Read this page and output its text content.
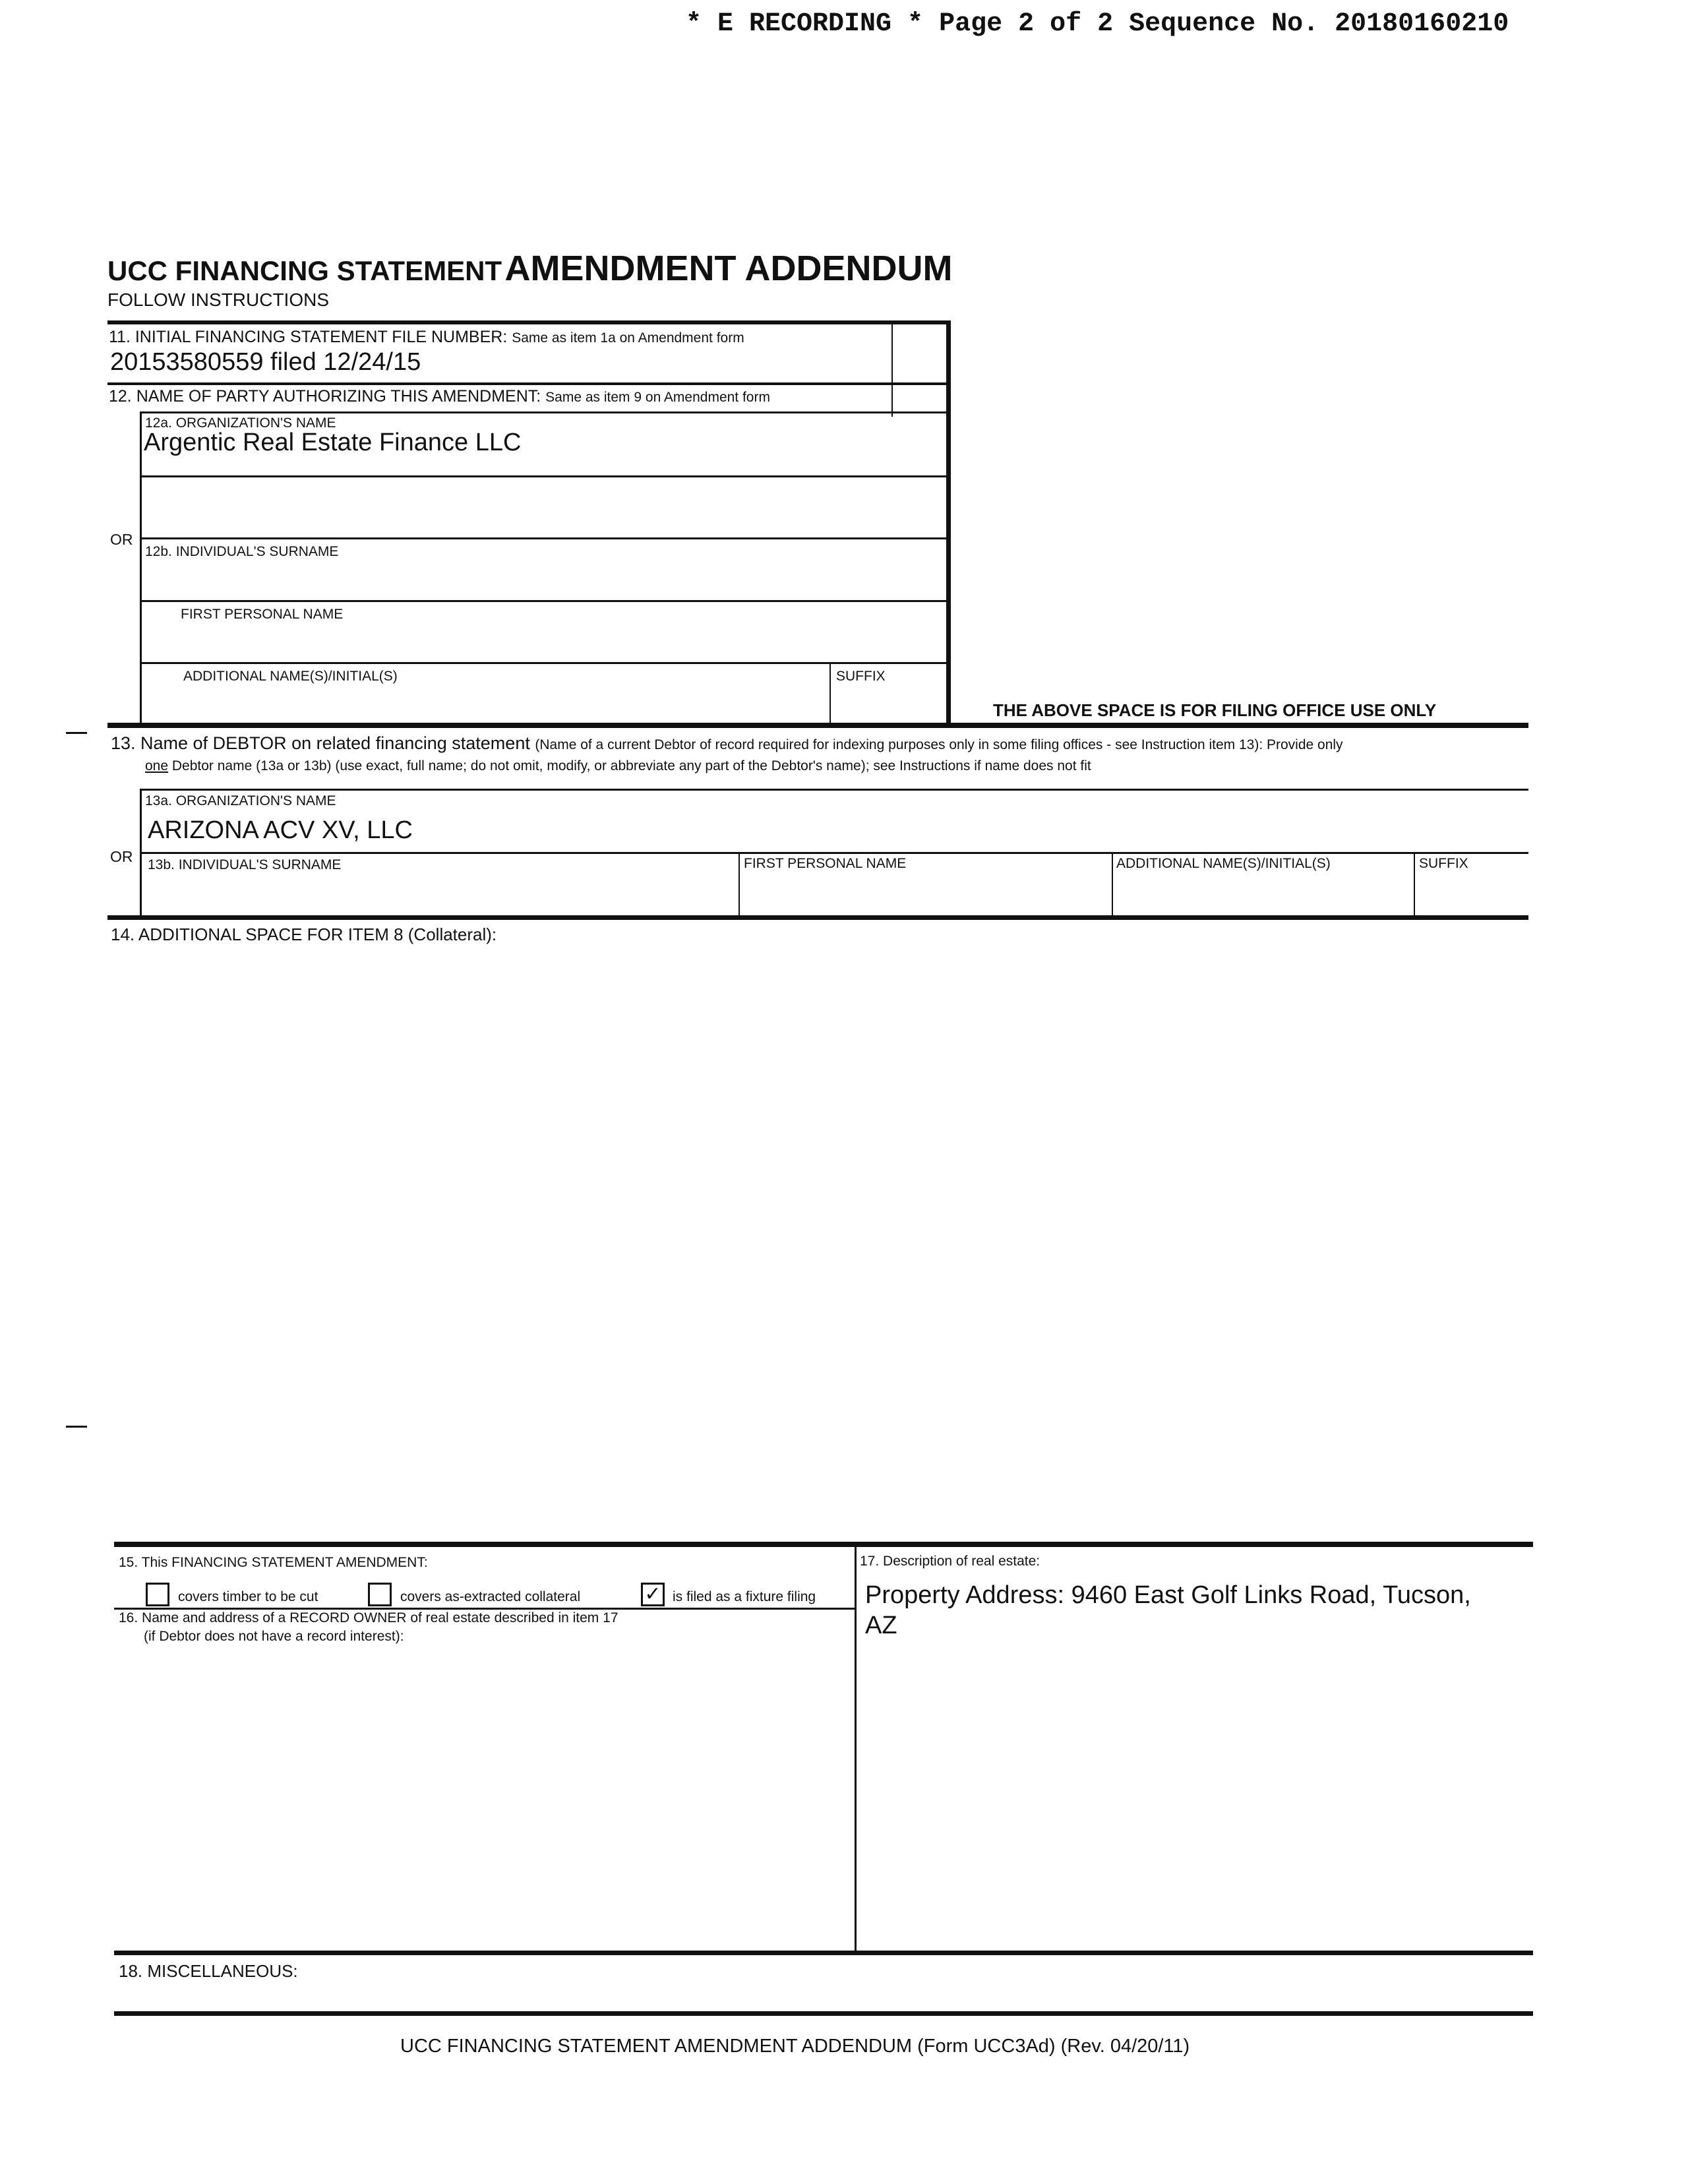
* E RECORDING * Page 2 of 2 Sequence No. 20180160210
UCC FINANCING STATEMENT AMENDMENT ADDENDUM
FOLLOW INSTRUCTIONS
11. INITIAL FINANCING STATEMENT FILE NUMBER: Same as item 1a on Amendment form
20153580559 filed 12/24/15
12. NAME OF PARTY AUTHORIZING THIS AMENDMENT: Same as item 9 on Amendment form
12a. ORGANIZATION'S NAME
Argentic Real Estate Finance LLC
OR
12b. INDIVIDUAL'S SURNAME
FIRST PERSONAL NAME
ADDITIONAL NAME(S)/INITIAL(S)	SUFFIX
THE ABOVE SPACE IS FOR FILING OFFICE USE ONLY
13. Name of DEBTOR on related financing statement (Name of a current Debtor of record required for indexing purposes only in some filing offices - see Instruction item 13): Provide only
one Debtor name (13a or 13b) (use exact, full name; do not omit, modify, or abbreviate any part of the Debtor's name); see Instructions if name does not fit
13a. ORGANIZATION'S NAME
ARIZONA ACV XV, LLC
OR 13b. INDIVIDUAL'S SURNAME	FIRST PERSONAL NAME	ADDITIONAL NAME(S)/INITIAL(S)	SUFFIX
14. ADDITIONAL SPACE FOR ITEM 8 (Collateral):
15. This FINANCING STATEMENT AMENDMENT:
covers timber to be cut	covers as-extracted collateral	✓ is filed as a fixture filing
16. Name and address of a RECORD OWNER of real estate described in item 17
(if Debtor does not have a record interest):
17. Description of real estate:
Property Address: 9460 East Golf Links Road, Tucson,
AZ
18. MISCELLANEOUS:
UCC FINANCING STATEMENT AMENDMENT ADDENDUM (Form UCC3Ad) (Rev. 04/20/11)
